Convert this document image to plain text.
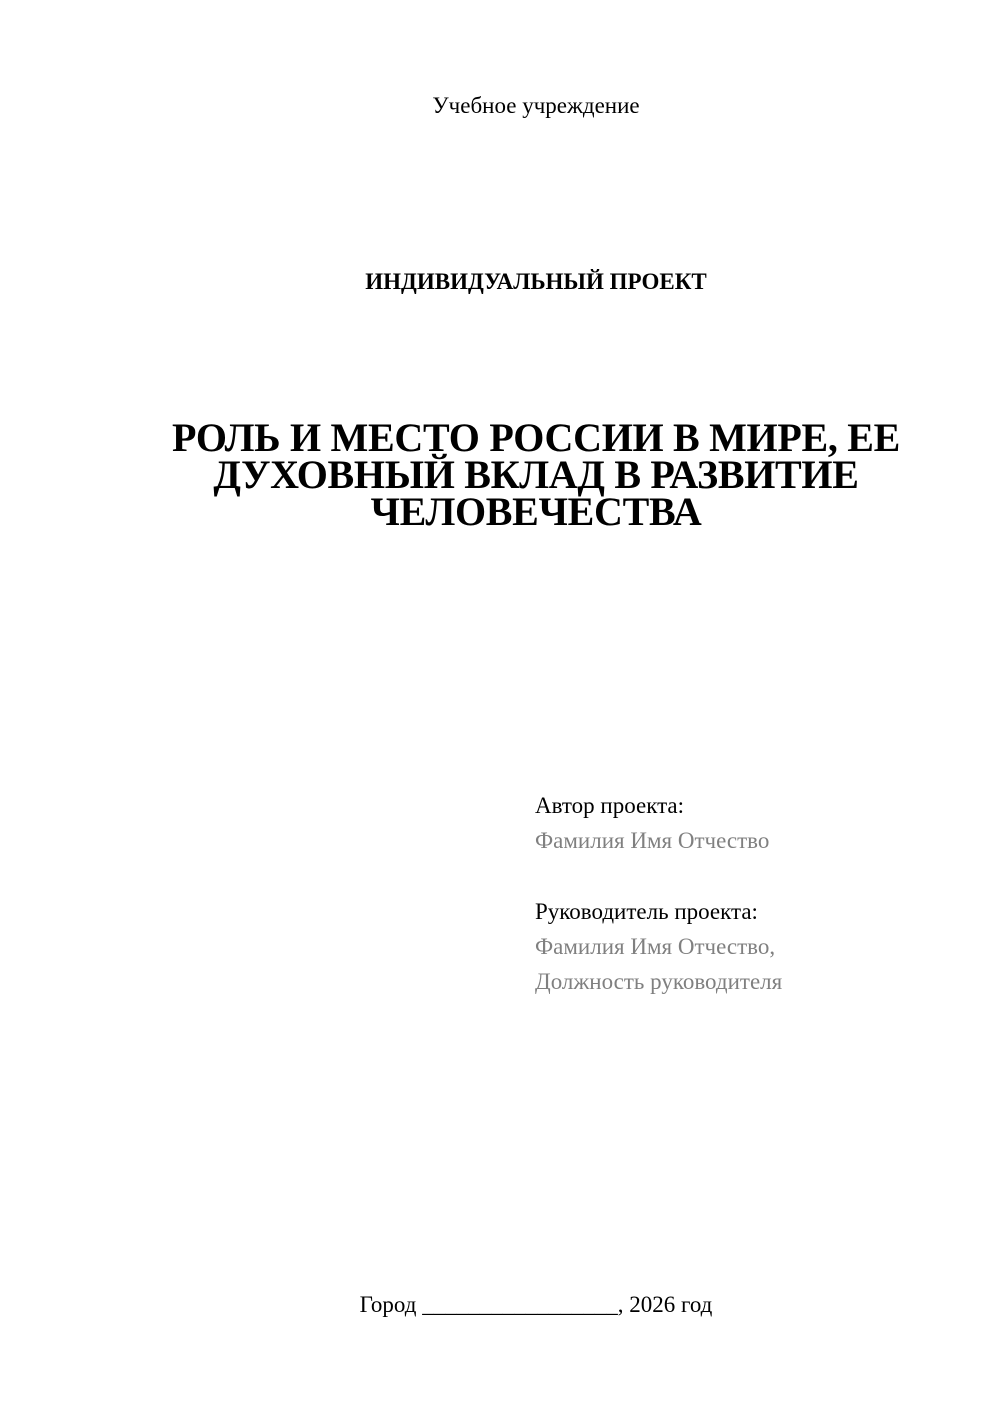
Учебное учреждение
ИНДИВИДУАЛЬНЫЙ ПРОЕКТ
РОЛЬ И МЕСТО РОССИИ В МИРЕ, ЕЕ
ДУХОВНЫЙ ВКЛАД В РАЗВИТИЕ
ЧЕЛОВЕЧЕСТВА
Автор проекта:
Фамилия Имя Отчество
Руководитель проекта:
Фамилия Имя Отчество,
Должность руководителя
Город _________________, 2026 год
